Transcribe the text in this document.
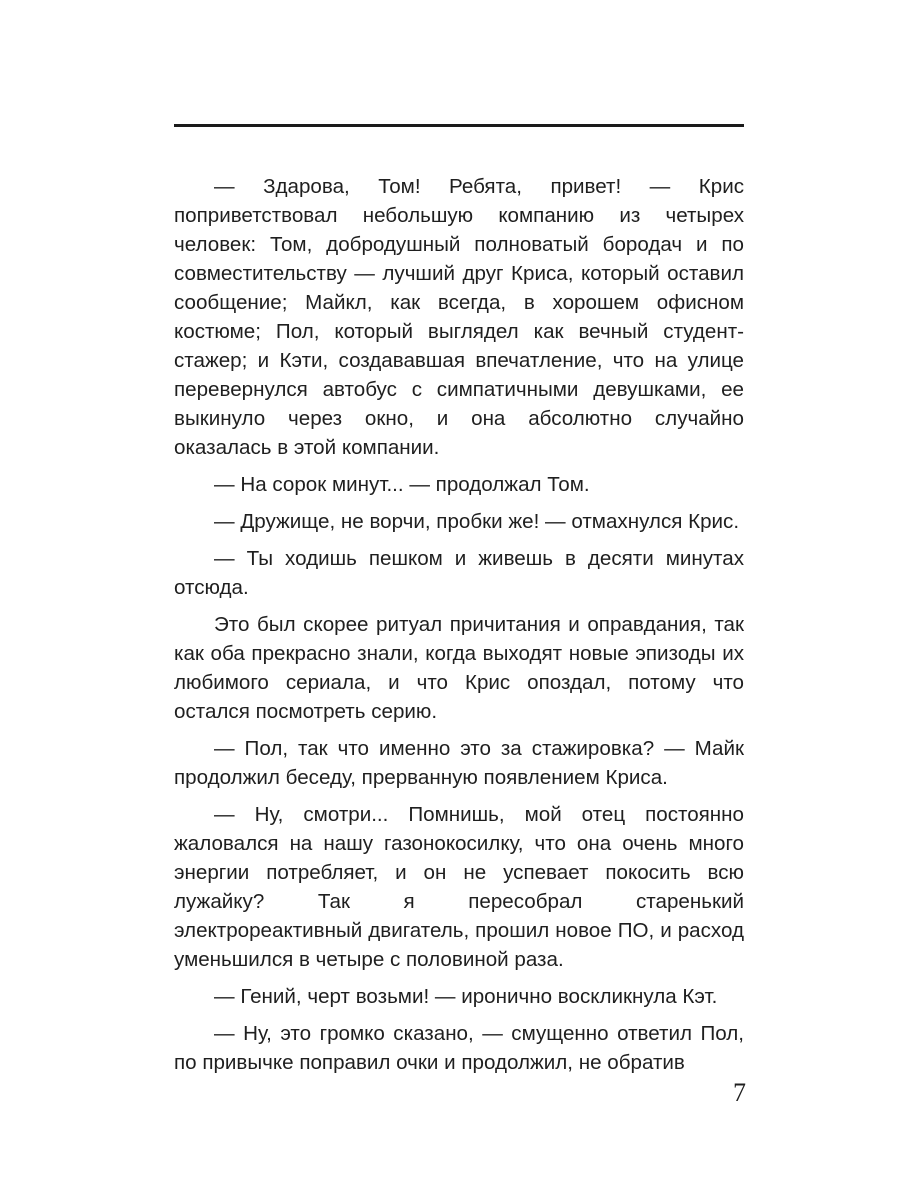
— Здарова, Том! Ребята, привет! — Крис поприветствовал небольшую компанию из четырех человек: Том, добродушный полноватый бородач и по совместительству — лучший друг Криса, который оставил сообщение; Майкл, как всегда, в хорошем офисном костюме; Пол, который выглядел как вечный студент-стажер; и Кэти, создававшая впечатление, что на улице перевернулся автобус с симпатичными девушками, ее выкинуло через окно, и она абсолютно случайно оказалась в этой компании.

— На сорок минут... — продолжал Том.

— Дружище, не ворчи, пробки же! — отмахнулся Крис.

— Ты ходишь пешком и живешь в десяти минутах отсюда.

Это был скорее ритуал причитания и оправдания, так как оба прекрасно знали, когда выходят новые эпизоды их любимого сериала, и что Крис опоздал, потому что остался посмотреть серию.

— Пол, так что именно это за стажировка? — Майк продолжил беседу, прерванную появлением Криса.

— Ну, смотри... Помнишь, мой отец постоянно жаловался на нашу газонокосилку, что она очень много энергии потребляет, и он не успевает покосить всю лужайку? Так я пересобрал старенький электрореактивный двигатель, прошил новое ПО, и расход уменьшился в четыре с половиной раза.

— Гений, черт возьми! — иронично воскликнула Кэт.

— Ну, это громко сказано, — смущенно ответил Пол, по привычке поправил очки и продолжил, не обратив

7
